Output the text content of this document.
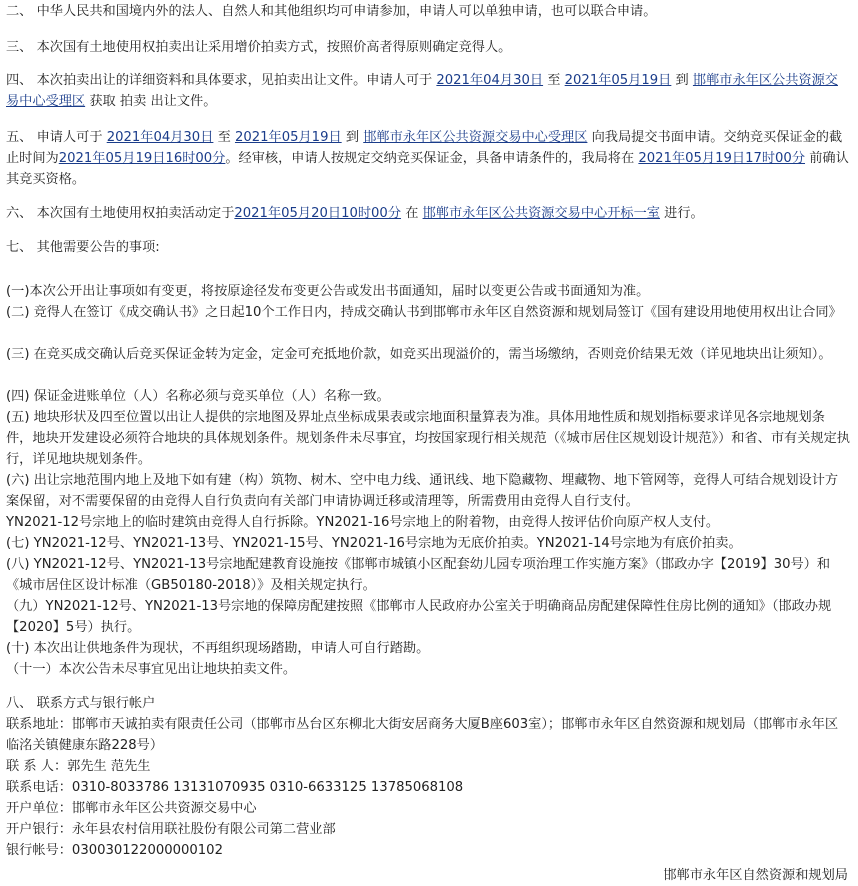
二、 中华人民共和国境内外的法人、自然人和其他组织均可申请参加，申请人可以单独申请，也可以联合申请。
三、 本次国有土地使用权拍卖出让采用增价拍卖方式，按照价高者得原则确定竞得人。
四、 本次拍卖出让的详细资料和具体要求，见拍卖出让文件。申请人可于 2021年04月30日 至 2021年05月19日 到 邯郸市永年区公共资源交易中心受理区 获取 拍卖 出让文件。
五、 申请人可于 2021年04月30日 至 2021年05月19日 到 邯郸市永年区公共资源交易中心受理区 向我局提交书面申请。交纳竞买保证金的截止时间为2021年05月19日16时00分。经审核，申请人按规定交纳竞买保证金，具备申请条件的，我局将在 2021年05月19日17时00分 前确认其竞买资格。
六、 本次国有土地使用权拍卖活动定于2021年05月20日10时00分 在 邯郸市永年区公共资源交易中心开标一室 进行。
七、 其他需要公告的事项:
(一)本次公开出让事项如有变更，将按原途径发布变更公告或发出书面通知，届时以变更公告或书面通知为准。
(二) 竞得人在签订《成交确认书》之日起10个工作日内，持成交确认书到邯郸市永年区自然资源和规划局签订《国有建设用地使用权出让合同》
(三) 在竞买成交确认后竞买保证金转为定金，定金可充抵地价款，如竞买出现溢价的，需当场缴纳，否则竞价结果无效（详见地块出让须知）。
(四) 保证金进账单位（人）名称必须与竞买单位（人）名称一致。
(五) 地块形状及四至位置以出让人提供的宗地图及界址点坐标成果表或宗地面积量算表为准。具体用地性质和规划指标要求详见各宗地规划条件，地块开发建设必须符合地块的具体规划条件。规划条件未尽事宜，均按国家现行相关规范（《城市居住区规划设计规范》）和省、市有关规定执行，详见地块规划条件。
(六) 出让宗地范围内地上及地下如有建（构）筑物、树木、空中电力线、通讯线、地下隐藏物、埋藏物、地下管网等，竞得人可结合规划设计方案保留，对不需要保留的由竞得人自行负责向有关部门申请协调迁移或清理等，所需费用由竞得人自行支付。
YN2021-12号宗地上的临时建筑由竞得人自行拆除。YN2021-16号宗地上的附着物，由竞得人按评估价向原产权人支付。
(七) YN2021-12号、YN2021-13号、YN2021-15号、YN2021-16号宗地为无底价拍卖。YN2021-14号宗地为有底价拍卖。
(八) YN2021-12号、YN2021-13号宗地配建教育设施按《邯郸市城镇小区配套幼儿园专项治理工作实施方案》（邯政办字【2019】30号）和《城市居住区设计标准（GB50180-2018）》及相关规定执行。
（九）YN2021-12号、YN2021-13号宗地的保障房配建按照《邯郸市人民政府办公室关于明确商品房配建保障性住房比例的通知》（邯政办规【2020】5号）执行。
(十) 本次出让供地条件为现状，不再组织现场踏勘，申请人可自行踏勘。
（十一）本次公告未尽事宜见出让地块拍卖文件。
八、 联系方式与银行帐户
联系地址：邯郸市天诚拍卖有限责任公司（邯郸市丛台区东柳北大街安居商务大厦B座603室）；邯郸市永年区自然资源和规划局（邯郸市永年区临洺关镇健康东路228号）
联 系 人：郭先生 范先生
联系电话：0310-8033786 13131070935 0310-6633125 13785068108
开户单位：邯郸市永年区公共资源交易中心
开户银行：永年县农村信用联社股份有限公司第二营业部
银行帐号：030030122000000102
邯郸市永年区自然资源和规划局
